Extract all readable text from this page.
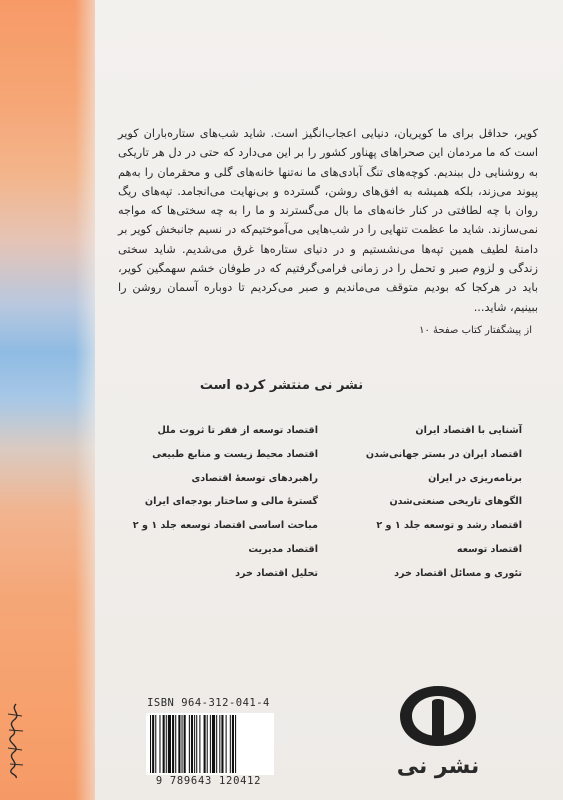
کویر، حداقل برای ما کویریان، دنیایی اعجاب‌انگیز است. شاید شب‌های ستاره‌باران کویر است که ما مردمان این صحراهای پهناور کشور را بر این می‌دارد که حتی در دل هر تاریکی به روشنایی دل ببندیم. کوچه‌های تنگ آبادی‌های ما نه‌تنها خانه‌های گلی و محقرمان را به‌هم پیوند می‌زند، بلکه همیشه به افق‌های روشن، گسترده و بی‌نهایت می‌انجامد. تپه‌های ریگ روان با چه لطافتی در کنار خانه‌های ما بال می‌گسترند و ما را به چه سختی‌ها که مواجه نمی‌سازند. شاید ما عظمت تنهایی را در شب‌هایی می‌آموختیم‌که در نسیم جانبخش کویر بر دامنهٔ لطیف همین تپه‌ها می‌نشستیم و در دنیای ستاره‌ها غرق می‌شدیم. شاید سختی زندگی و لزوم صبر و تحمل را در زمانی فرامی‌گرفتیم که در طوفان خشم سهمگین کویر، باید در هرکجا که بودیم متوقف می‌ماندیم و صبر می‌کردیم تا دوباره آسمان روشن را ببینیم، شاید...
از پیشگفتار کتاب صفحهٔ ۱۰
نشر نی منتشر کرده است
آشنایی با اقتصاد ایران
اقتصاد ایران در بستر جهانی‌شدن
برنامه‌ریزی در ایران
الگوهای تاریخی صنعتی‌شدن
اقتصاد رشد و توسعه جلد ۱ و ۲
اقتصاد توسعه
تئوری و مسائل اقتصاد خرد
اقتصاد توسعه از فقر تا ثروت ملل
اقتصاد محیط زیست و منابع طبیعی
راهبردهای توسعهٔ اقتصادی
گسترهٔ مالی و ساختار بودجه‌ای ایران
مباحث اساسی اقتصاد توسعه جلد ۱ و ۲
اقتصاد مدیریت
تحلیل اقتصاد خرد
ISBN 964-312-041-4
9 789643 120412
نشر نی
